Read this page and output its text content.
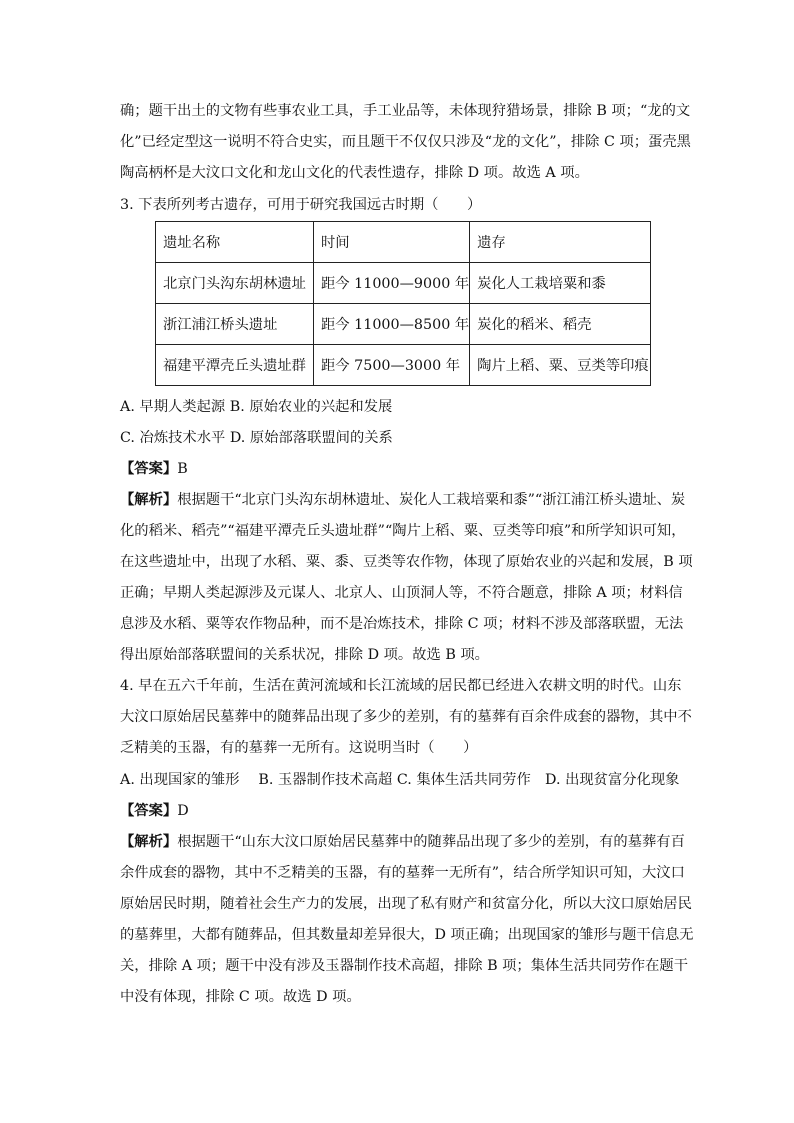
确；题干出土的文物有些事农业工具，手工业品等，未体现狩猎场景，排除 B 项；“龙的文
化”已经定型这一说明不符合史实，而且题干不仅仅只涉及“龙的文化”，排除 C 项；蛋壳黑
陶高柄杯是大汶口文化和龙山文化的代表性遗存，排除 D 项。故选 A 项。
3. 下表所列考古遗存，可用于研究我国远古时期（　　）
遗址名称	时间	遗存
北京门头沟东胡林遗址	距今 11000—9000 年	炭化人工栽培粟和黍
浙江浦江桥头遗址	距今 11000—8500 年	炭化的稻米、稻壳
福建平潭壳丘头遗址群	距今 7500—3000 年	陶片上稻、粟、豆类等印痕
A. 早期人类起源 B. 原始农业的兴起和发展
C. 冶炼技术水平 D. 原始部落联盟间的关系
【答案】B
【解析】根据题干“北京门头沟东胡林遗址、炭化人工栽培粟和黍”“浙江浦江桥头遗址、炭
化的稻米、稻壳”“福建平潭壳丘头遗址群”“陶片上稻、粟、豆类等印痕”和所学知识可知，
在这些遗址中，出现了水稻、粟、黍、豆类等农作物，体现了原始农业的兴起和发展，B 项
正确；早期人类起源涉及元谋人、北京人、山顶洞人等，不符合题意，排除 A 项；材料信
息涉及水稻、粟等农作物品种，而不是冶炼技术，排除 C 项；材料不涉及部落联盟，无法
得出原始部落联盟间的关系状况，排除 D 项。故选 B 项。
4. 早在五六千年前，生活在黄河流域和长江流域的居民都已经进入农耕文明的时代。山东
大汶口原始居民墓葬中的随葬品出现了多少的差别，有的墓葬有百余件成套的器物，其中不
乏精美的玉器，有的墓葬一无所有。这说明当时（　　）
A. 出现国家的雏形　 B. 玉器制作技术高超 C. 集体生活共同劳作　D. 出现贫富分化现象
【答案】D
【解析】根据题干“山东大汶口原始居民墓葬中的随葬品出现了多少的差别，有的墓葬有百
余件成套的器物，其中不乏精美的玉器，有的墓葬一无所有”，结合所学知识可知，大汶口
原始居民时期，随着社会生产力的发展，出现了私有财产和贫富分化，所以大汶口原始居民
的墓葬里，大都有随葬品，但其数量却差异很大，D 项正确；出现国家的雏形与题干信息无
关，排除 A 项；题干中没有涉及玉器制作技术高超，排除 B 项；集体生活共同劳作在题干
中没有体现，排除 C 项。故选 D 项。
